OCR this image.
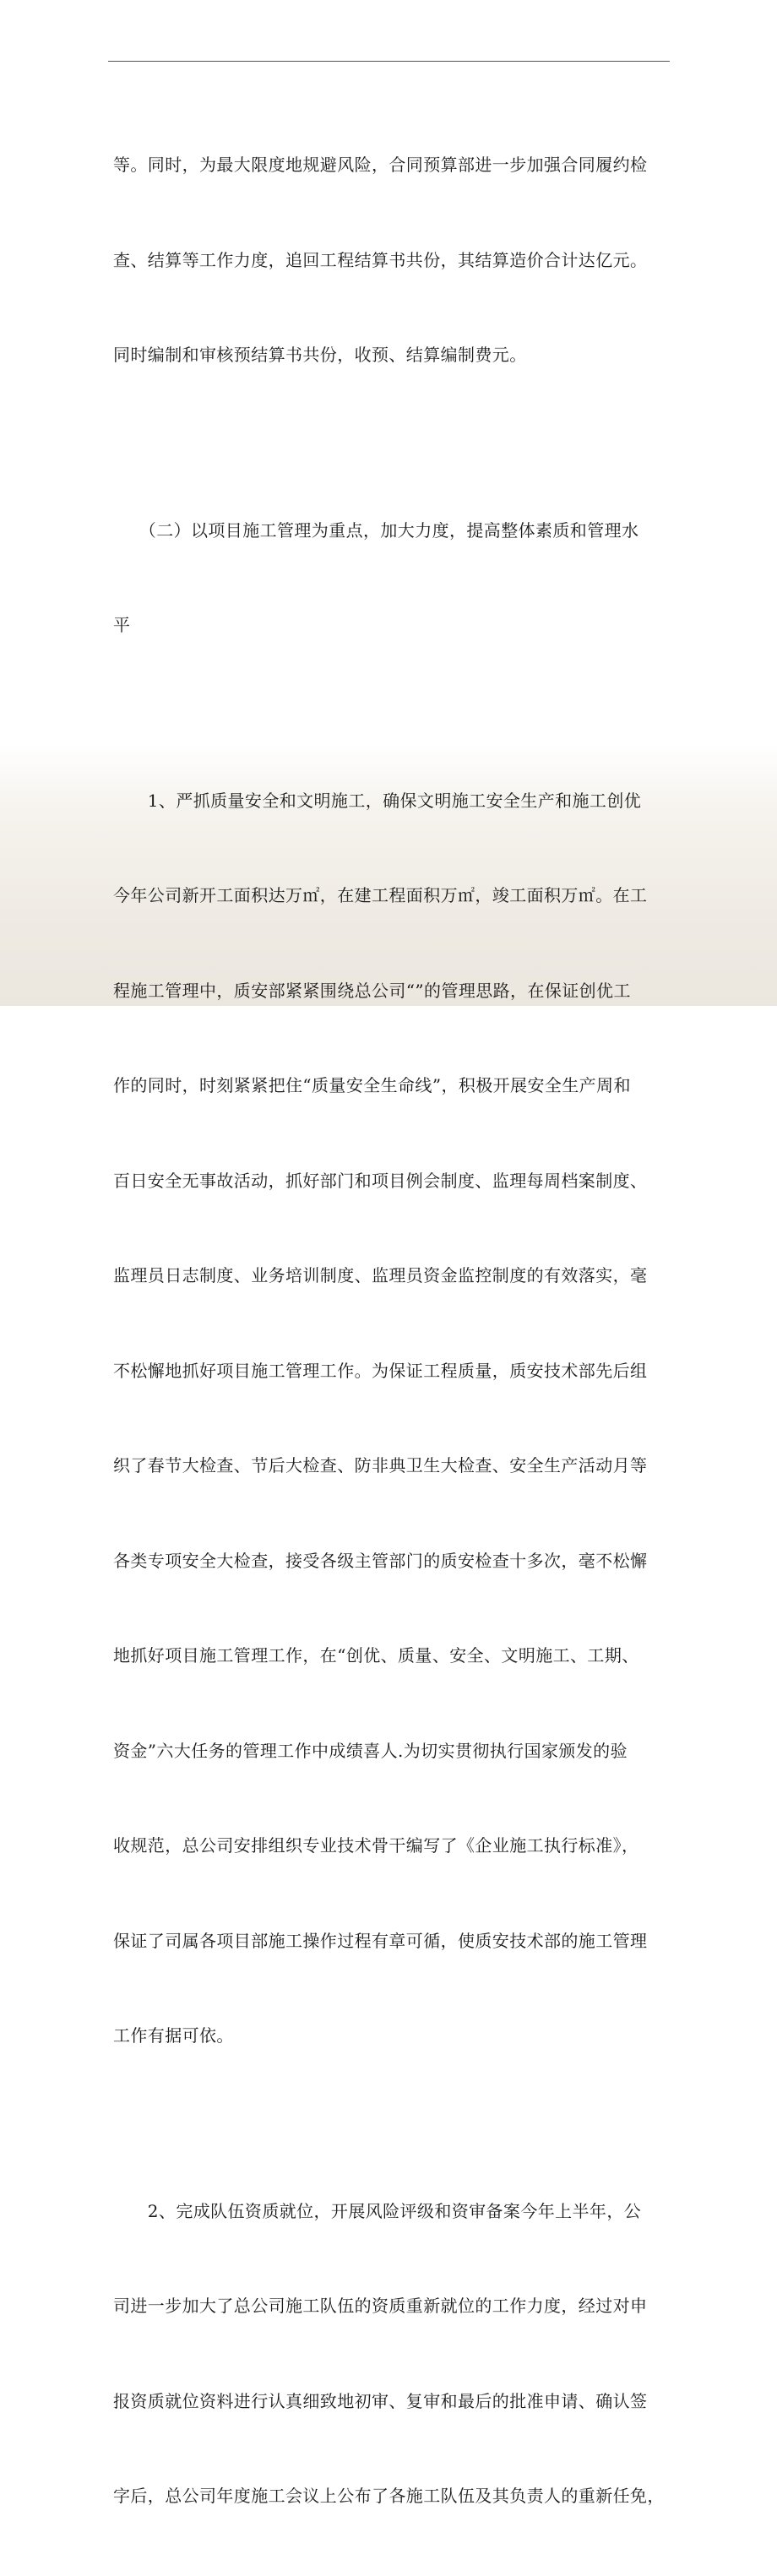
等。同时，为最大限度地规避风险，合同预算部进一步加强合同履约检

查、结算等工作力度，追回工程结算书共份，其结算造价合计达亿元。

同时编制和审核预结算书共份，收预、结算编制费元。

　　（二）以项目施工管理为重点，加大力度，提高整体素质和管理水

平

　　1、严抓质量安全和文明施工，确保文明施工安全生产和施工创优

今年公司新开工面积达万㎡，在建工程面积万㎡，竣工面积万㎡。在工

程施工管理中，质安部紧紧围绕总公司“”的管理思路，在保证创优工

作的同时，时刻紧紧把住“质量安全生命线”，积极开展安全生产周和

百日安全无事故活动，抓好部门和项目例会制度、监理每周档案制度、

监理员日志制度、业务培训制度、监理员资金监控制度的有效落实，毫

不松懈地抓好项目施工管理工作。为保证工程质量，质安技术部先后组

织了春节大检查、节后大检查、防非典卫生大检查、安全生产活动月等

各类专项安全大检查，接受各级主管部门的质安检查十多次，毫不松懈

地抓好项目施工管理工作，在“创优、质量、安全、文明施工、工期、

资金”六大任务的管理工作中成绩喜人.为切实贯彻执行国家颁发的验

收规范，总公司安排组织专业技术骨干编写了《企业施工执行标准》，

保证了司属各项目部施工操作过程有章可循，使质安技术部的施工管理

工作有据可依。

　　2、完成队伍资质就位，开展风险评级和资审备案今年上半年，公

司进一步加大了总公司施工队伍的资质重新就位的工作力度，经过对申

报资质就位资料进行认真细致地初审、复审和最后的批准申请、确认签

字后，总公司年度施工会议上公布了各施工队伍及其负责人的重新任免，
